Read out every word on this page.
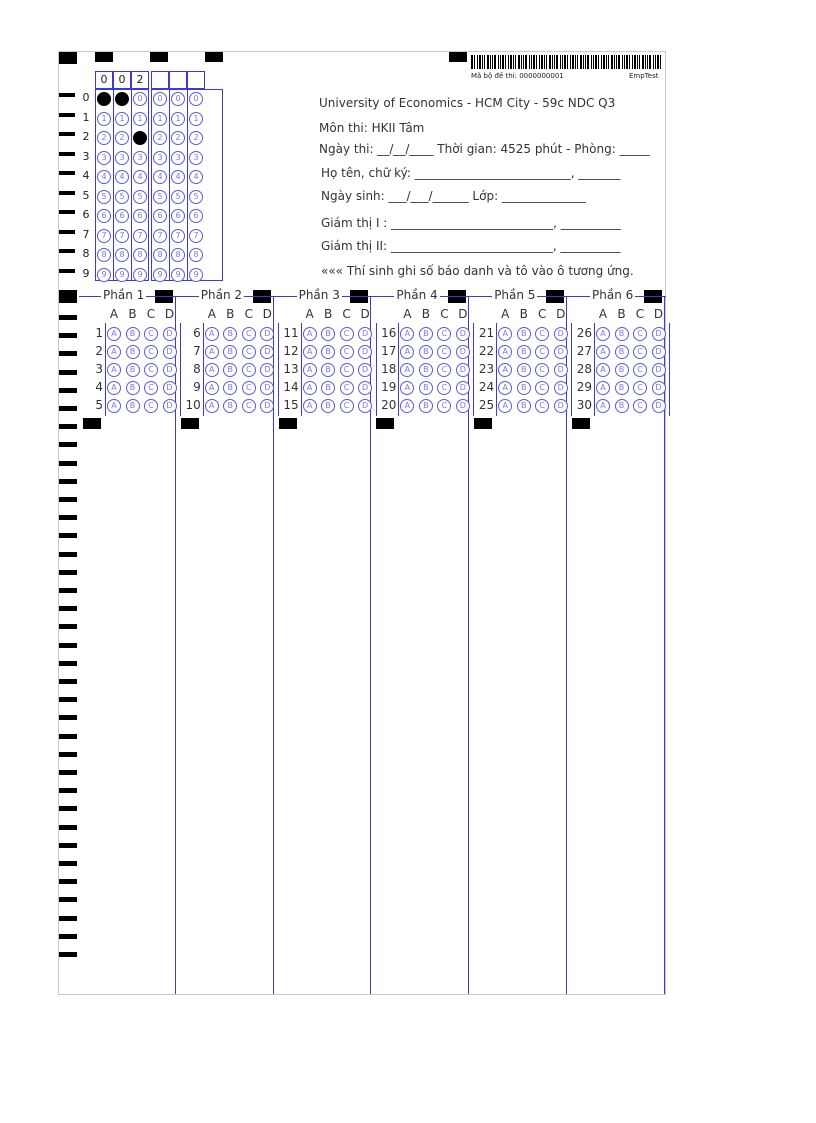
Mã bộ đề thi: 0000000001	EmpTest
University of Economics - HCM City - 59c NDC Q3
Môn thi: HKII Tâm
Ngày thi: __/__/____ Thời gian: 4525 phút - Phòng: _____
Họ tên, chữ ký: __________________________, _______
Ngày sinh: ___/___/______ Lớp: ______________
Giám thị I : ___________________________, __________
Giám thị II: ___________________________, __________
««« Thí sinh ghi số báo danh và tô vào ô tương ứng.
Phần 1
A B C D
1	A	B	C	D
2	A	B	C	D
3	A	B	C	D
4	A	B	C	D
5	A	B	C	D
Phần 2
A B C D
6	A	B	C	D
7	A	B	C	D
8	A	B	C	D
9	A	B	C	D
10	A	B	C	D
Phần 3
A B C D
11	A	B	C	D
12	A	B	C	D
13	A	B	C	D
14	A	B	C	D
15	A	B	C	D
Phần 4
A B C D
16	A	B	C	D
17	A	B	C	D
18	A	B	C	D
19	A	B	C	D
20	A	B	C	D
Phần 5
A B C D
21	A	B	C	D
22	A	B	C	D
23	A	B	C	D
24	A	B	C	D
25	A	B	C	D
Phần 6
A B C D
26	A	B	C	D
27	A	B	C	D
28	A	B	C	D
29	A	B	C	D
30	A	B	C	D
0	0	2
0	0	0	0	0	0	0
1	1	1	1	1	1	1
2	2	2	2	2	2	2
3	3	3	3	3	3	3
4	4	4	4	4	4	4
5	5	5	5	5	5	5
6	6	6	6	6	6	6
7	7	7	7	7	7	7
8	8	8	8	8	8	8
9	9	9	9	9	9	9
